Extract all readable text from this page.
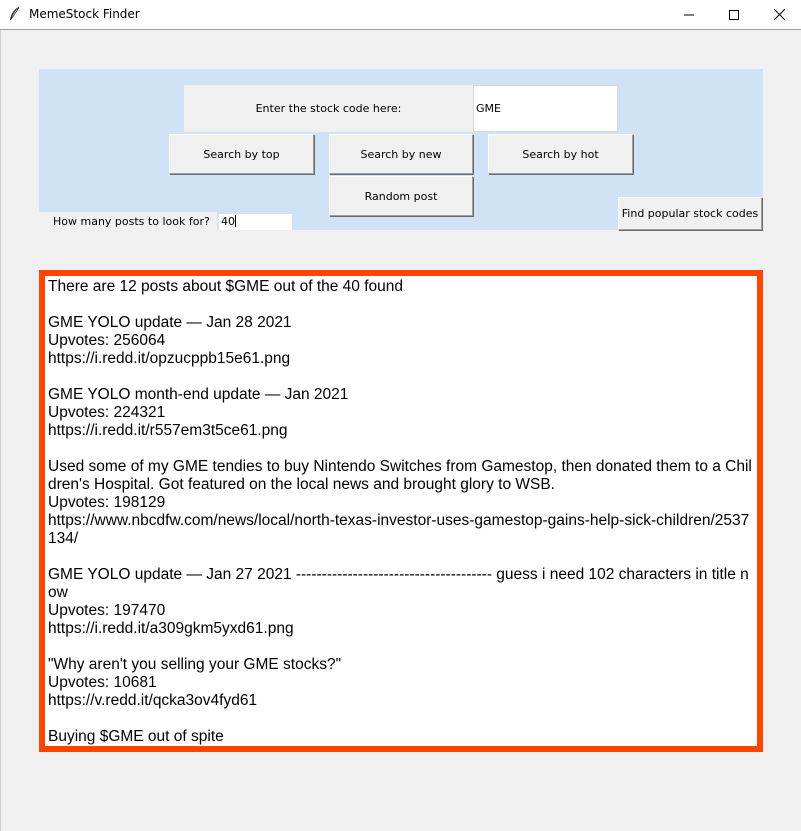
MemeStock Finder
Enter the stock code here:	GME
Search by top	Search by new	Search by hot
Random post
How many posts to look for?	40
Find popular stock codes

There are 12 posts about $GME out of the 40 found

GME YOLO update — Jan 28 2021
Upvotes: 256064
https://i.redd.it/opzucppb15e61.png

GME YOLO month-end update — Jan 2021
Upvotes: 224321
https://i.redd.it/r557em3t5ce61.png

Used some of my GME tendies to buy Nintendo Switches from Gamestop, then donated them to a Children's Hospital. Got featured on the local news and brought glory to WSB.
Upvotes: 198129
https://www.nbcdfw.com/news/local/north-texas-investor-uses-gamestop-gains-help-sick-children/2537134/

GME YOLO update — Jan 27 2021 -------------------------------------- guess i need 102 characters in title now
Upvotes: 197470
https://i.redd.it/a309gkm5yxd61.png

"Why aren't you selling your GME stocks?"
Upvotes: 10681
https://v.redd.it/qcka3ov4fyd61

Buying $GME out of spite
